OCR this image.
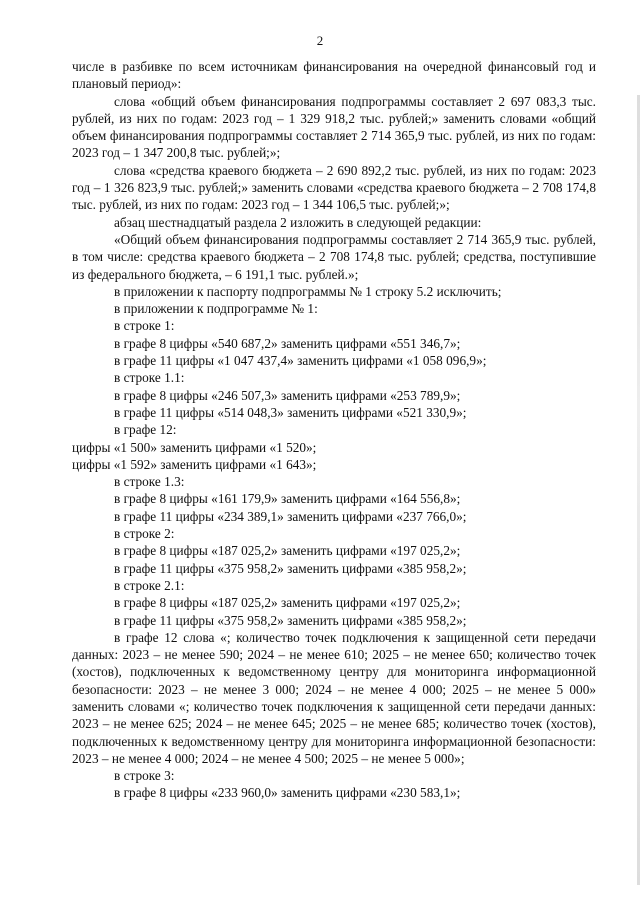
2

числе в разбивке по всем источникам финансирования на очередной финансовый год и плановый период»:

слова «общий объем финансирования подпрограммы составляет 2 697 083,3 тыс. рублей, из них по годам: 2023 год – 1 329 918,2 тыс. рублей;» заменить словами «общий объем финансирования подпрограммы составляет 2 714 365,9 тыс. рублей, из них по годам: 2023 год – 1 347 200,8 тыс. рублей;»;

слова «средства краевого бюджета – 2 690 892,2 тыс. рублей, из них по годам: 2023 год – 1 326 823,9 тыс. рублей;» заменить словами «средства краевого бюджета – 2 708 174,8 тыс. рублей, из них по годам: 2023 год – 1 344 106,5 тыс. рублей;»;

абзац шестнадцатый раздела 2 изложить в следующей редакции:

«Общий объем финансирования подпрограммы составляет 2 714 365,9 тыс. рублей, в том числе: средства краевого бюджета – 2 708 174,8 тыс. рублей; средства, поступившие из федерального бюджета, – 6 191,1 тыс. рублей.»;

в приложении к паспорту подпрограммы № 1 строку 5.2 исключить;

в приложении к подпрограмме № 1:

в строке 1:

в графе 8 цифры «540 687,2» заменить цифрами «551 346,7»;

в графе 11 цифры «1 047 437,4» заменить цифрами «1 058 096,9»;

в строке 1.1:

в графе 8 цифры «246 507,3» заменить цифрами «253 789,9»;

в графе 11 цифры «514 048,3» заменить цифрами «521 330,9»;

в графе 12:

цифры «1 500» заменить цифрами «1 520»;

цифры «1 592» заменить цифрами «1 643»;

в строке 1.3:

в графе 8 цифры «161 179,9» заменить цифрами «164 556,8»;

в графе 11 цифры «234 389,1» заменить цифрами «237 766,0»;

в строке 2:

в графе 8 цифры «187 025,2» заменить цифрами «197 025,2»;

в графе 11 цифры «375 958,2» заменить цифрами «385 958,2»;

в строке 2.1:

в графе 8 цифры «187 025,2» заменить цифрами «197 025,2»;

в графе 11 цифры «375 958,2» заменить цифрами «385 958,2»;

в графе 12 слова «; количество точек подключения к защищенной сети передачи данных: 2023 – не менее 590; 2024 – не менее 610; 2025 – не менее 650; количество точек (хостов), подключенных к ведомственному центру для мониторинга информационной безопасности: 2023 – не менее 3 000; 2024 – не менее 4 000; 2025 – не менее 5 000» заменить словами «; количество точек подключения к защищенной сети передачи данных: 2023 – не менее 625; 2024 – не менее 645; 2025 – не менее 685; количество точек (хостов), подключенных к ведомственному центру для мониторинга информационной безопасности: 2023 – не менее 4 000; 2024 – не менее 4 500; 2025 – не менее 5 000»;

в строке 3:

в графе 8 цифры «233 960,0» заменить цифрами «230 583,1»;
